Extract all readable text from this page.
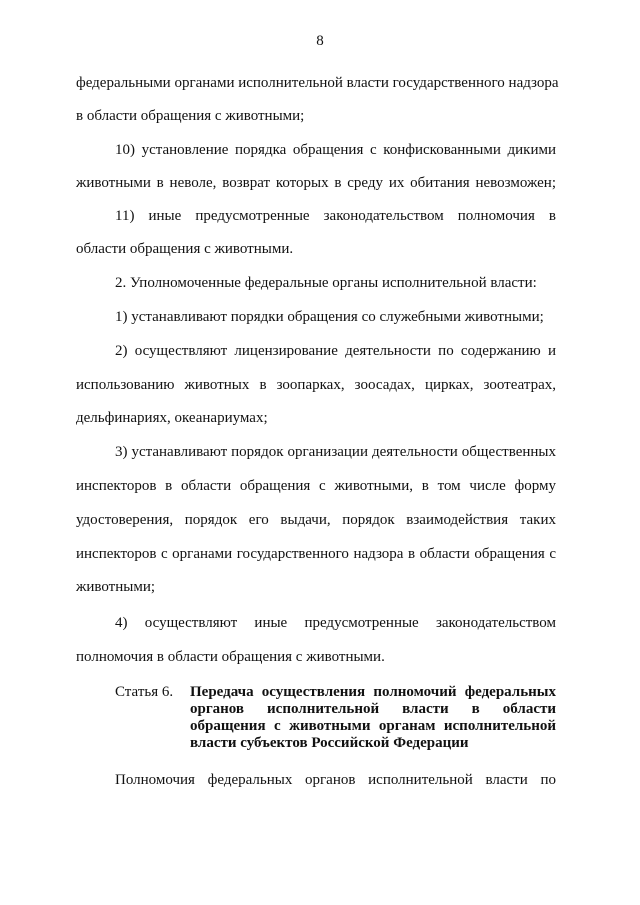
8
федеральными органами исполнительной власти государственного надзора
в области обращения с животными;
10) установление порядка обращения с конфискованными дикими
животными в неволе, возврат которых в среду их обитания невозможен;
11) иные предусмотренные законодательством полномочия в
области обращения с животными.
2. Уполномоченные федеральные органы исполнительной власти:
1) устанавливают порядки обращения со служебными животными;
2) осуществляют лицензирование деятельности по содержанию и
использованию животных в зоопарках, зоосадах, цирках, зоотеатрах,
дельфинариях, океанариумах;
3) устанавливают порядок организации деятельности общественных
инспекторов в области обращения с животными, в том числе форму
удостоверения, порядок его выдачи, порядок взаимодействия таких
инспекторов с органами государственного надзора в области обращения с
животными;
4) осуществляют иные предусмотренные законодательством
полномочия в области обращения с животными.
Статья 6. Передача осуществления полномочий федеральных
органов исполнительной власти в области
обращения с животными органам исполнительной
власти субъектов Российской Федерации
Полномочия федеральных органов исполнительной власти по
